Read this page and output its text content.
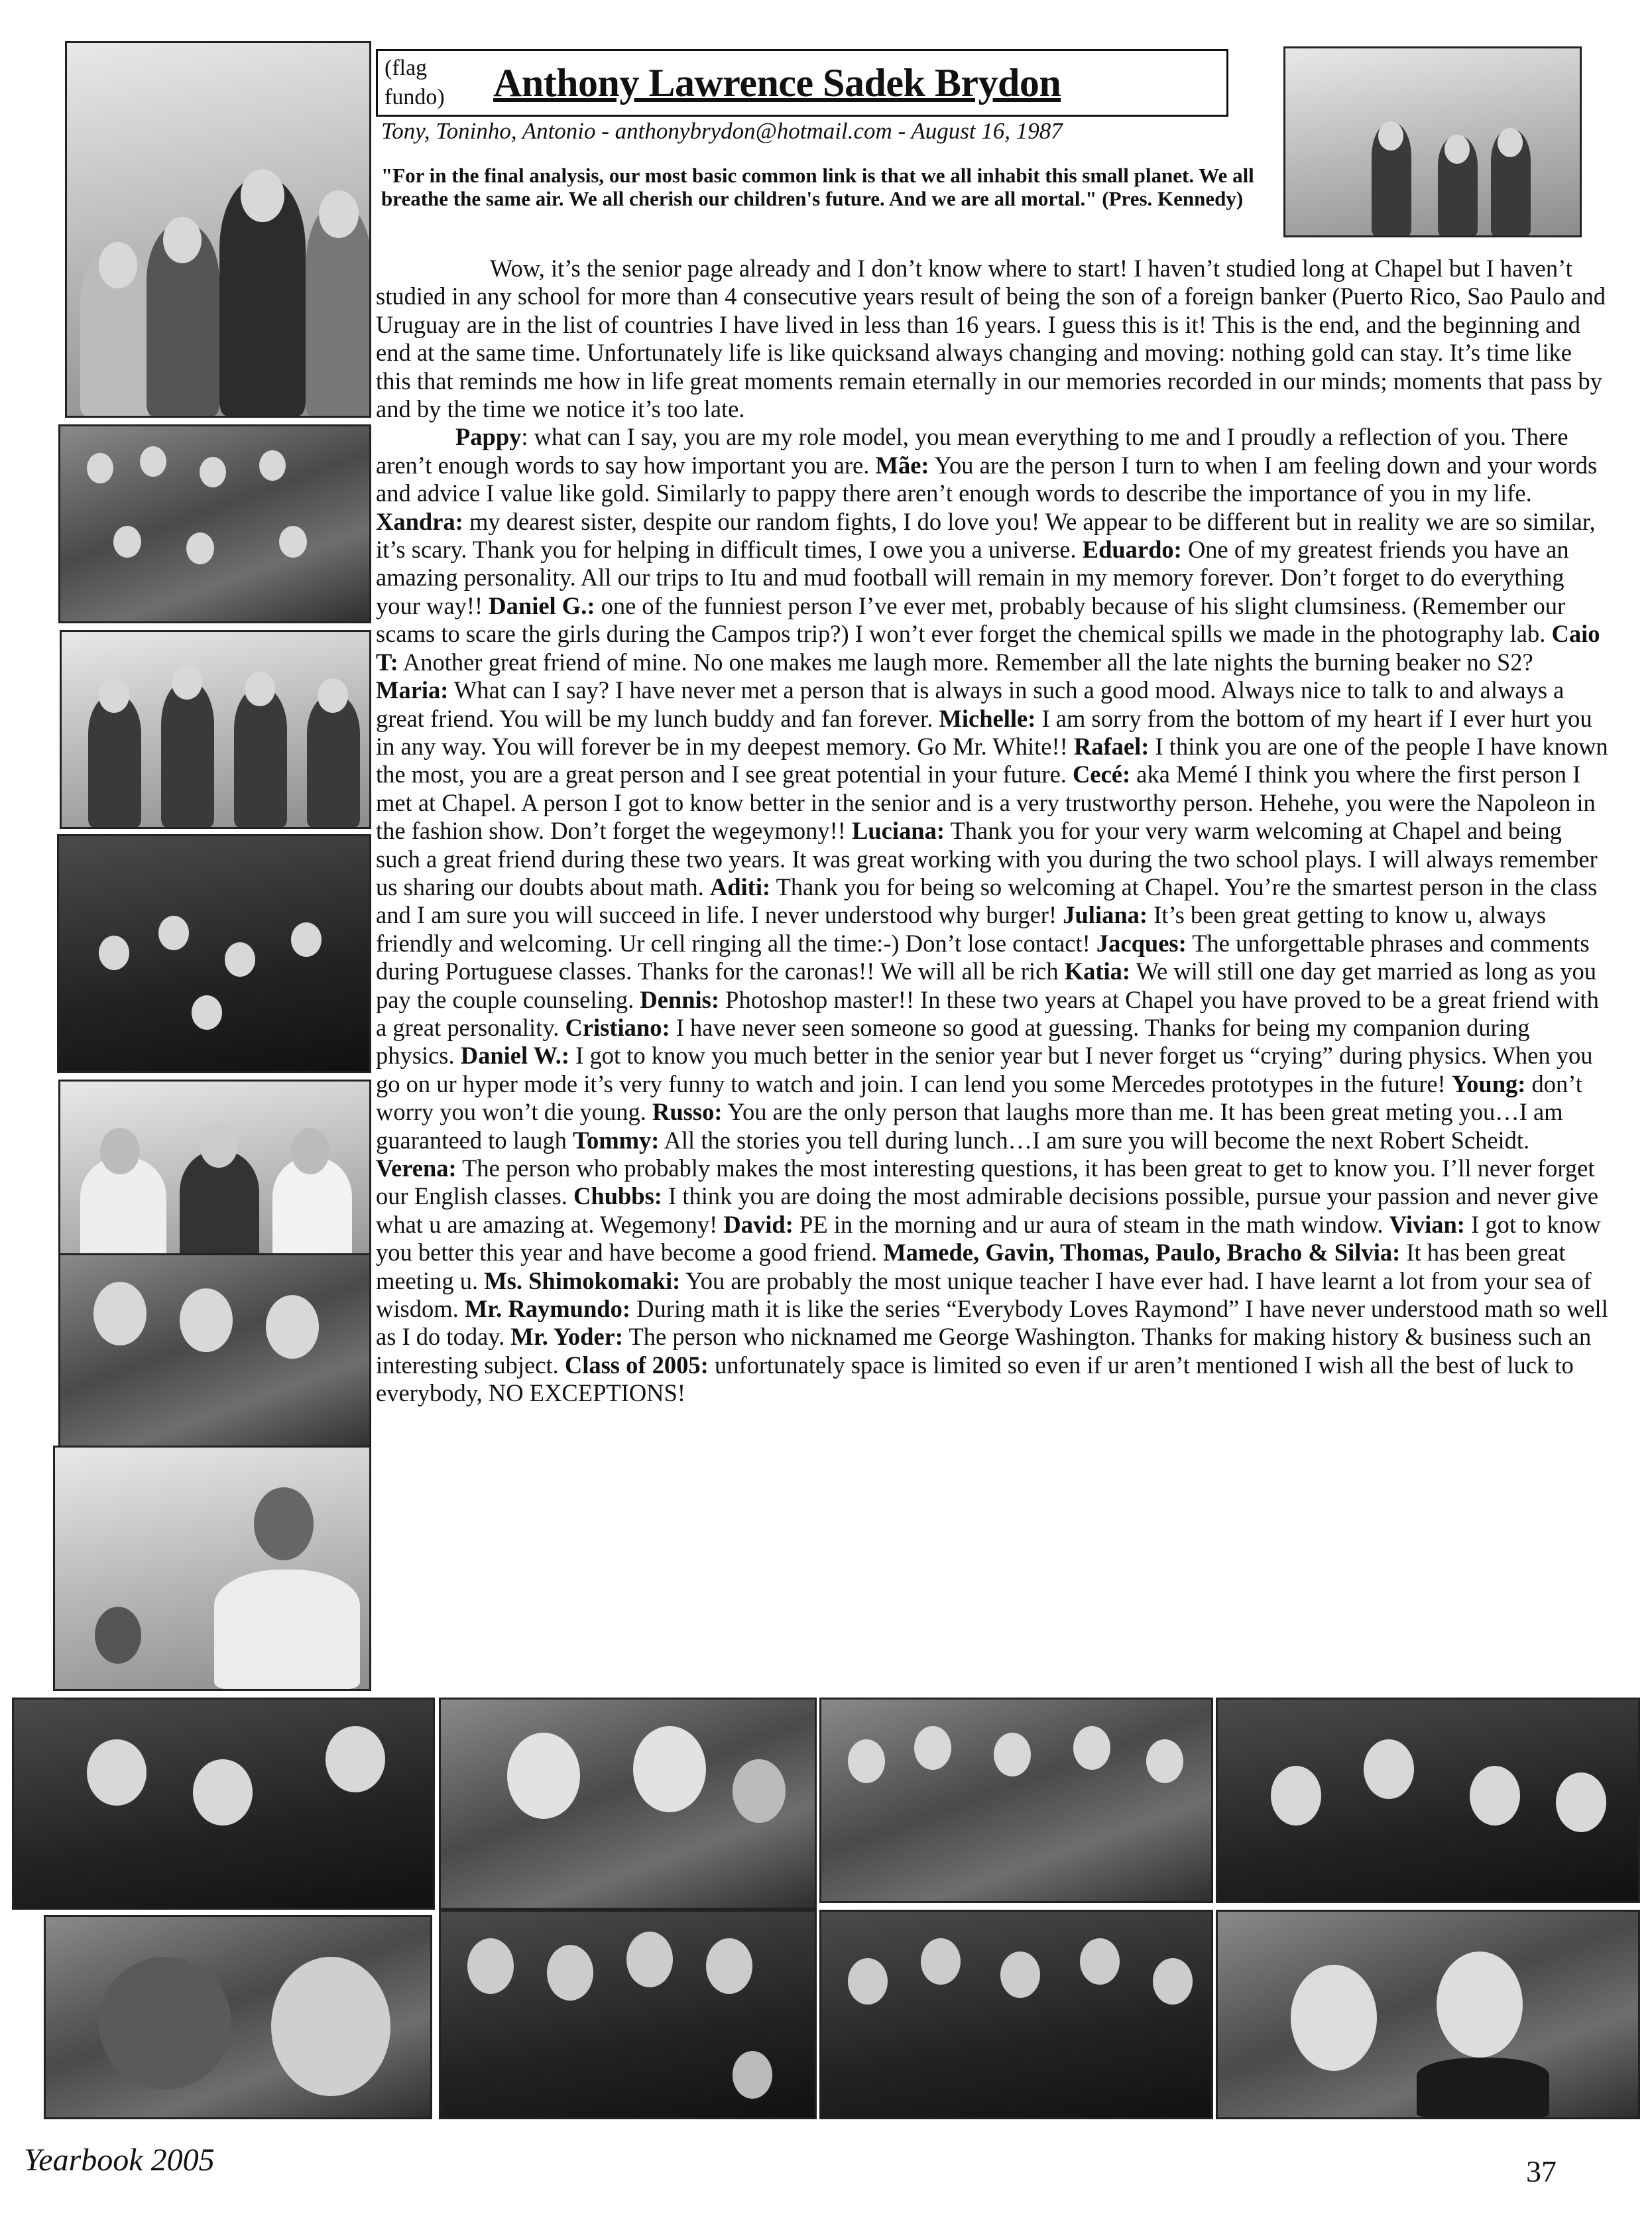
(flag fundo)	Anthony Lawrence Sadek Brydon
Tony, Toninho, Antonio - anthonybrydon@hotmail.com - August 16, 1987
"For in the final analysis, our most basic common link is that we all inhabit this small planet. We all breathe the same air. We all cherish our children's future. And we are all mortal." (Pres. Kennedy)

Wow, it’s the senior page already and I don’t know where to start! I haven’t studied long at Chapel but I haven’t studied in any school for more than 4 consecutive years result of being the son of a foreign banker (Puerto Rico, Sao Paulo and Uruguay are in the list of countries I have lived in less than 16 years. I guess this is it! This is the end, and the beginning and end at the same time. Unfortunately life is like quicksand always changing and moving: nothing gold can stay. It’s time like this that reminds me how in life great moments remain eternally in our memories recorded in our minds; moments that pass by and by the time we notice it’s too late.

Pappy: what can I say, you are my role model, you mean everything to me and I proudly a reflection of you. There aren’t enough words to say how important you are. Mãe: You are the person I turn to when I am feeling down and your words and advice I value like gold. Similarly to pappy there aren’t enough words to describe the importance of you in my life. Xandra: my dearest sister, despite our random fights, I do love you! We appear to be different but in reality we are so similar, it’s scary. Thank you for helping in difficult times, I owe you a universe. Eduardo: One of my greatest friends you have an amazing personality. All our trips to Itu and mud football will remain in my memory forever. Don’t forget to do everything your way!! Daniel G.: one of the funniest person I’ve ever met, probably because of his slight clumsiness. (Remember our scams to scare the girls during the Campos trip?) I won’t ever forget the chemical spills we made in the photography lab. Caio T: Another great friend of mine. No one makes me laugh more. Remember all the late nights the burning beaker no S2? Maria: What can I say? I have never met a person that is always in such a good mood. Always nice to talk to and always a great friend. You will be my lunch buddy and fan forever. Michelle: I am sorry from the bottom of my heart if I ever hurt you in any way. You will forever be in my deepest memory. Go Mr. White!! Rafael: I think you are one of the people I have known the most, you are a great person and I see great potential in your future. Cecé: aka Memé I think you where the first person I met at Chapel. A person I got to know better in the senior and is a very trustworthy person. Hehehe, you were the Napoleon in the fashion show. Don’t forget the wegeymony!! Luciana: Thank you for your very warm welcoming at Chapel and being such a great friend during these two years. It was great working with you during the two school plays. I will always remember us sharing our doubts about math. Aditi: Thank you for being so welcoming at Chapel. You’re the smartest person in the class and I am sure you will succeed in life. I never understood why burger! Juliana: It’s been great getting to know u, always friendly and welcoming. Ur cell ringing all the time:-) Don’t lose contact! Jacques: The unforgettable phrases and comments during Portuguese classes. Thanks for the caronas!! We will all be rich Katia: We will still one day get married as long as you pay the couple counseling. Dennis: Photoshop master!! In these two years at Chapel you have proved to be a great friend with a great personality. Cristiano: I have never seen someone so good at guessing. Thanks for being my companion during physics. Daniel W.: I got to know you much better in the senior year but I never forget us “crying” during physics. When you go on ur hyper mode it’s very funny to watch and join. I can lend you some Mercedes prototypes in the future! Young: don’t worry you won’t die young. Russo: You are the only person that laughs more than me. It has been great meting you…I am guaranteed to laugh Tommy: All the stories you tell during lunch…I am sure you will become the next Robert Scheidt. Verena: The person who probably makes the most interesting questions, it has been great to get to know you. I’ll never forget our English classes. Chubbs: I think you are doing the most admirable decisions possible, pursue your passion and never give what u are amazing at. Wegemony! David: PE in the morning and ur aura of steam in the math window. Vivian: I got to know you better this year and have become a good friend. Mamede, Gavin, Thomas, Paulo, Bracho & Silvia: It has been great meeting u. Ms. Shimokomaki: You are probably the most unique teacher I have ever had. I have learnt a lot from your sea of wisdom. Mr. Raymundo: During math it is like the series “Everybody Loves Raymond” I have never understood math so well as I do today. Mr. Yoder: The person who nicknamed me George Washington. Thanks for making history & business such an interesting subject. Class of 2005: unfortunately space is limited so even if ur aren’t mentioned I wish all the best of luck to everybody, NO EXCEPTIONS!

Yearbook 2005	37
